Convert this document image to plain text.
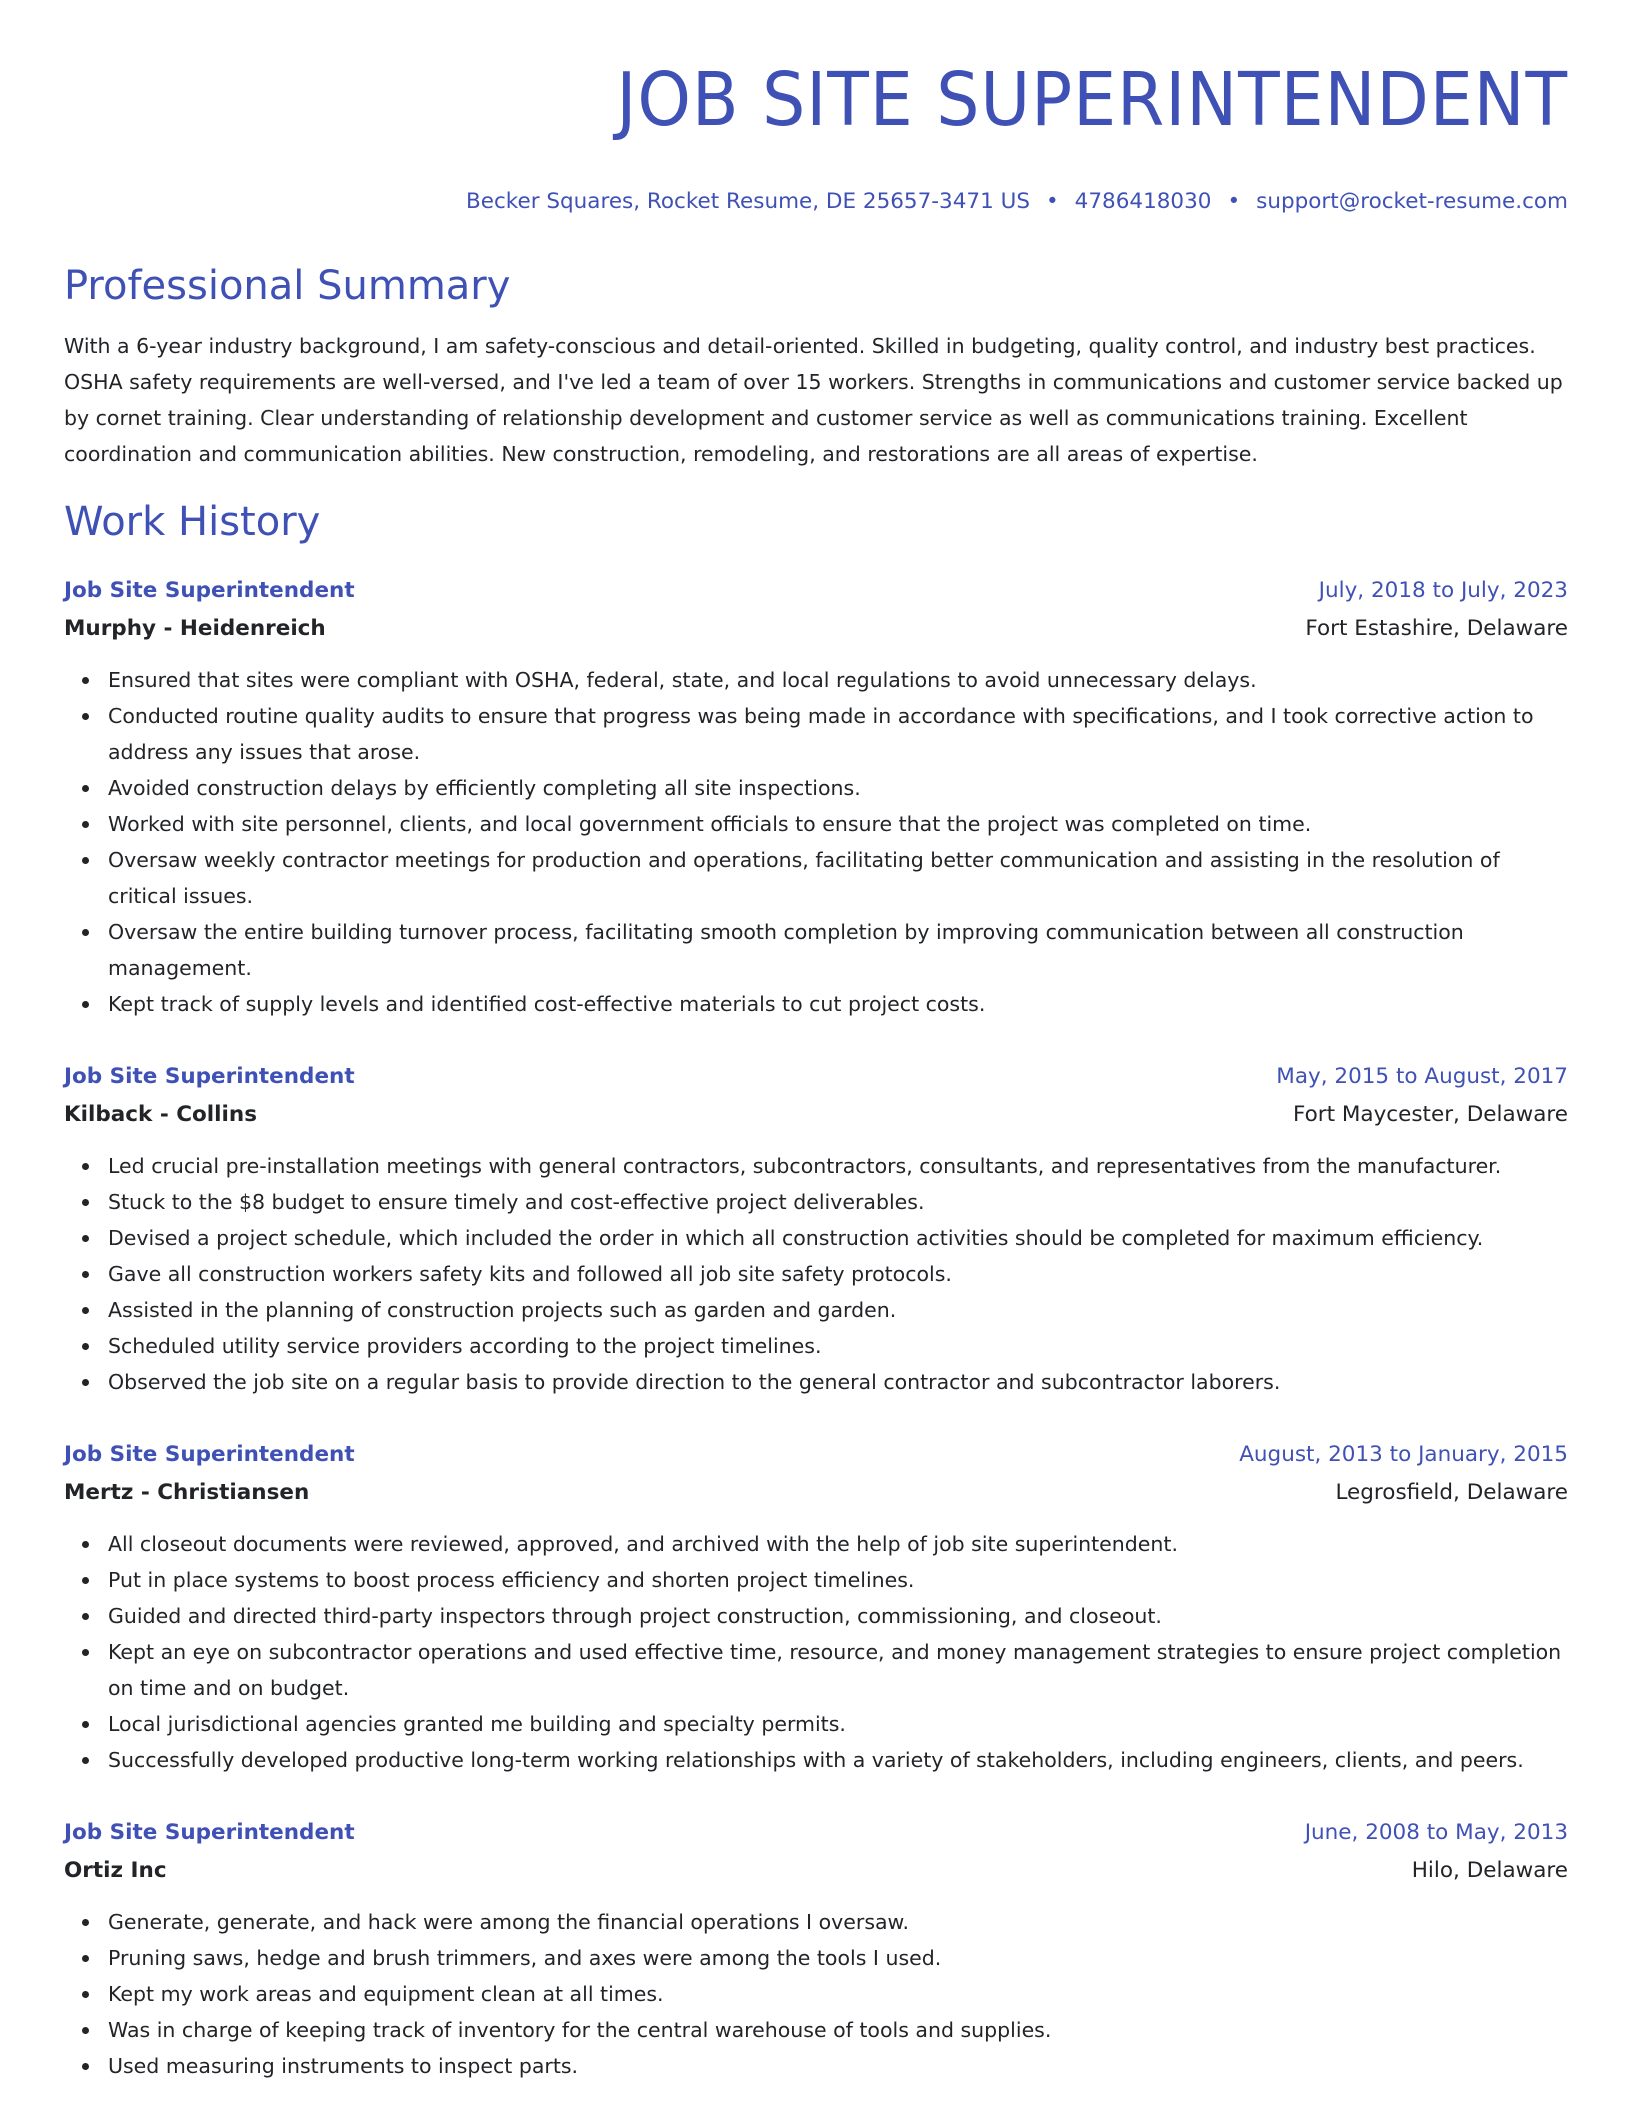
JOB SITE SUPERINTENDENT
Becker Squares, Rocket Resume, DE 25657-3471 US • 4786418030 • support@rocket-resume.com
Professional Summary

With a 6-year industry background, I am safety-conscious and detail-oriented. Skilled in budgeting, quality control, and industry best practices. OSHA safety requirements are well-versed, and I've led a team of over 15 workers. Strengths in communications and customer service backed up by cornet training. Clear understanding of relationship development and customer service as well as communications training. Excellent coordination and communication abilities. New construction, remodeling, and restorations are all areas of expertise.

Work History
Job Site Superintendent	July, 2018 to July, 2023
Murphy - Heidenreich	Fort Estashire, Delaware
Ensured that sites were compliant with OSHA, federal, state, and local regulations to avoid unnecessary delays.
Conducted routine quality audits to ensure that progress was being made in accordance with specifications, and I took corrective action to address any issues that arose.
Avoided construction delays by efficiently completing all site inspections.
Worked with site personnel, clients, and local government officials to ensure that the project was completed on time.
Oversaw weekly contractor meetings for production and operations, facilitating better communication and assisting in the resolution of critical issues.
Oversaw the entire building turnover process, facilitating smooth completion by improving communication between all construction management.
Kept track of supply levels and identified cost-effective materials to cut project costs.
Job Site Superintendent	May, 2015 to August, 2017
Kilback - Collins	Fort Maycester, Delaware
Led crucial pre-installation meetings with general contractors, subcontractors, consultants, and representatives from the manufacturer.
Stuck to the $8 budget to ensure timely and cost-effective project deliverables.
Devised a project schedule, which included the order in which all construction activities should be completed for maximum efficiency.
Gave all construction workers safety kits and followed all job site safety protocols.
Assisted in the planning of construction projects such as garden and garden.
Scheduled utility service providers according to the project timelines.
Observed the job site on a regular basis to provide direction to the general contractor and subcontractor laborers.
Job Site Superintendent	August, 2013 to January, 2015
Mertz - Christiansen	Legrosfield, Delaware
All closeout documents were reviewed, approved, and archived with the help of job site superintendent.
Put in place systems to boost process efficiency and shorten project timelines.
Guided and directed third-party inspectors through project construction, commissioning, and closeout.
Kept an eye on subcontractor operations and used effective time, resource, and money management strategies to ensure project completion on time and on budget.
Local jurisdictional agencies granted me building and specialty permits.
Successfully developed productive long-term working relationships with a variety of stakeholders, including engineers, clients, and peers.
Job Site Superintendent	June, 2008 to May, 2013
Ortiz Inc	Hilo, Delaware
Generate, generate, and hack were among the financial operations I oversaw.
Pruning saws, hedge and brush trimmers, and axes were among the tools I used.
Kept my work areas and equipment clean at all times.
Was in charge of keeping track of inventory for the central warehouse of tools and supplies.
Used measuring instruments to inspect parts.
